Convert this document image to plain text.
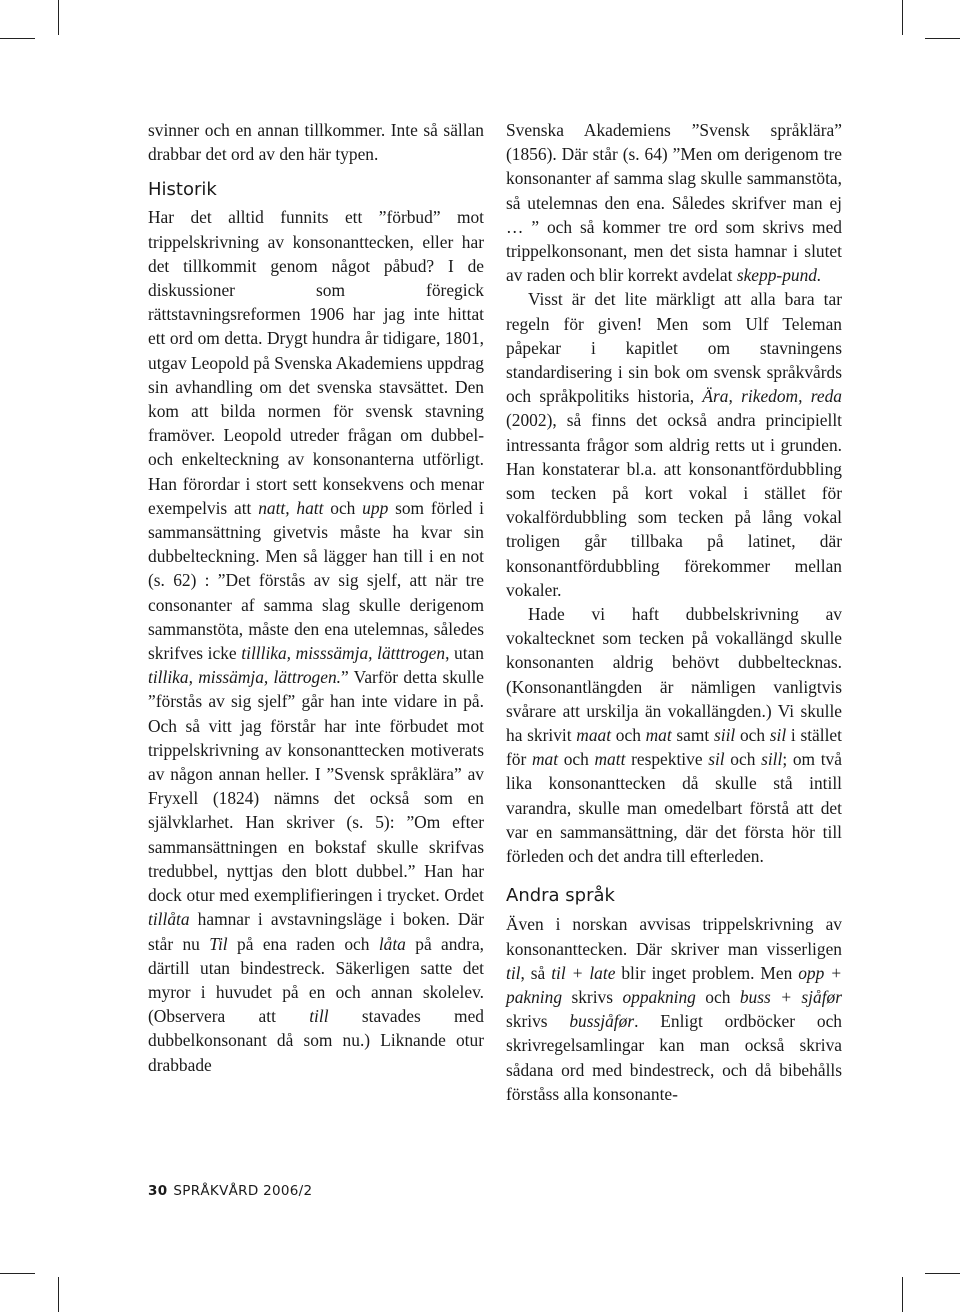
svinner och en annan tillkommer. Inte så sällan drabbar det ord av den här typen.

Historik

Har det alltid funnits ett ”förbud” mot trippelskrivning av konsonanttecken, eller har det tillkommit genom något påbud? I de diskussioner som föregick rättstavningsreformen 1906 har jag inte hittat ett ord om detta. Drygt hundra år tidigare, 1801, utgav Leopold på Svenska Akademiens uppdrag sin avhandling om det svenska stavsättet. Den kom att bilda normen för svensk stavning framöver. Leopold utreder frågan om dubbel- och enkelteckning av konsonanterna utförligt. Han förordar i stort sett konsekvens och menar exempelvis att natt, hatt och upp som förled i sammansättning givetvis måste ha kvar sin dubbelteckning. Men så lägger han till i en not (s. 62) : ”Det förstås av sig sjelf, att när tre consonanter af samma slag skulle derigenom sammanstöta, måste den ena utelemnas, således skrifves icke tilllika, misssämja, lätttrogen, utan tillika, missämja, lättrogen.” Varför detta skulle ”förstås av sig sjelf” går han inte vidare in på. Och så vitt jag förstår har inte förbudet mot trippelskrivning av konsonanttecken motiverats av någon annan heller. I ”Svensk språklära” av Fryxell (1824) nämns det också som en självklarhet. Han skriver (s. 5): ”Om efter sammansättningen en bokstaf skulle skrifvas tredubbel, nyttjas den blott dubbel.” Han har dock otur med exemplifieringen i trycket. Ordet tillåta hamnar i avstavningsläge i boken. Där står nu Til på ena raden och låta på andra, därtill utan bindestreck. Säkerligen satte det myror i huvudet på en och annan skolelev. (Observera att till stavades med dubbelkonsonant då som nu.) Liknande otur drabbade

Svenska Akademiens ”Svensk språklära” (1856). Där står (s. 64) ”Men om derigenom tre konsonanter af samma slag skulle sammanstöta, så utelemnas den ena. Således skrifver man ej … ” och så kommer tre ord som skrivs med trippelkonsonant, men det sista hamnar i slutet av raden och blir korrekt avdelat skepp-pund.

Visst är det lite märkligt att alla bara tar regeln för given! Men som Ulf Teleman påpekar i kapitlet om stavningens standardisering i sin bok om svensk språkvårds och språkpolitiks historia, Ära, rikedom, reda (2002), så finns det också andra principiellt intressanta frågor som aldrig retts ut i grunden. Han konstaterar bl.a. att konsonantfördubbling som tecken på kort vokal i stället för vokalfördubbling som tecken på lång vokal troligen går tillbaka på latinet, där konsonantfördubbling förekommer mellan vokaler.

Hade vi haft dubbelskrivning av vokaltecknet som tecken på vokallängd skulle konsonanten aldrig behövt dubbeltecknas. (Konsonantlängden är nämligen vanligtvis svårare att urskilja än vokallängden.) Vi skulle ha skrivit maat och mat samt siil och sil i stället för mat och matt respektive sil och sill; om två lika konsonanttecken då skulle stå intill varandra, skulle man omedelbart förstå att det var en sammansättning, där det första hör till förleden och det andra till efterleden.

Andra språk

Även i norskan avvisas trippelskrivning av konsonanttecken. Där skriver man visserligen til, så til + late blir inget problem. Men opp + pakning skrivs oppakning och buss + sjåfør skrivs bussjåfør. Enligt ordböcker och skrivregelsamlingar kan man också skriva sådana ord med bindestreck, och då bibehålls förståss alla konsonante-

30 SPRÅKVÅRD 2006/2
